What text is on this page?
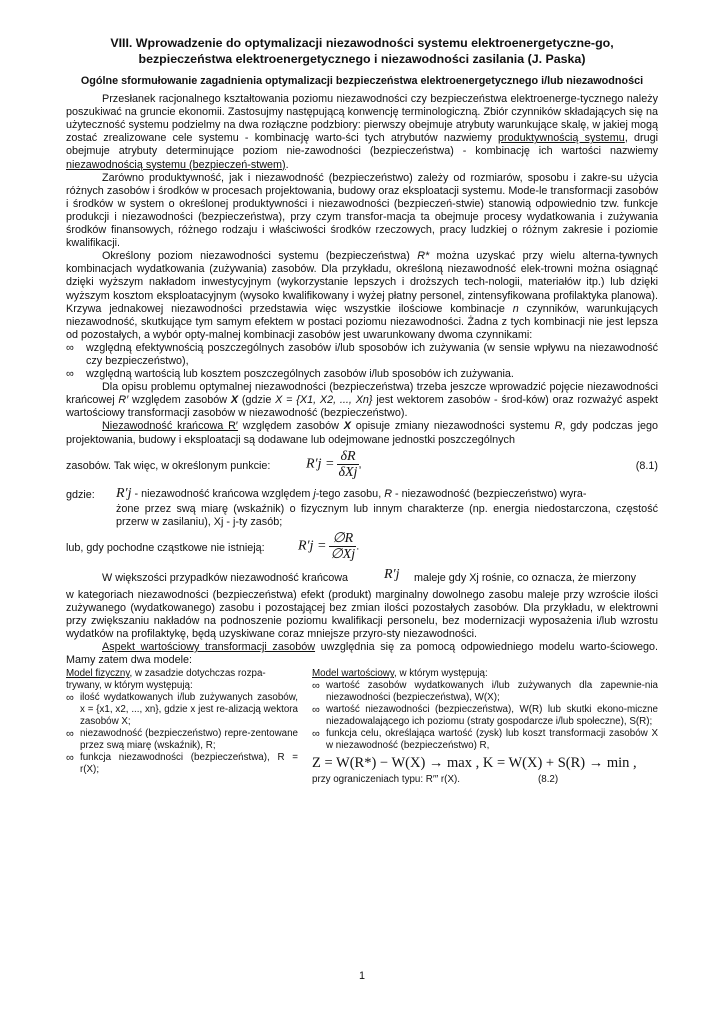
VIII. Wprowadzenie do optymalizacji niezawodności systemu elektroenergetyczne-go, bezpieczeństwa elektroenergetycznego i niezawodności zasilania (J. Paska)
Ogólne sformułowanie zagadnienia optymalizacji bezpieczeństwa elektroenergetycznego i/lub niezawodności

Przesłanek racjonalnego kształtowania poziomu niezawodności czy bezpieczeństwa elektroenerge-tycznego należy poszukiwać na gruncie ekonomii. Zastosujmy następującą konwencję terminologiczną. Zbiór czynników składających się na użyteczność systemu podzielmy na dwa rozłączne podzbiory: pierwszy obejmuje atrybuty warunkujące skalę, w jakiej mogą zostać zrealizowane cele systemu - kombinację warto-ści tych atrybutów nazwiemy produktywnością systemu, drugi obejmuje atrybuty determinujące poziom nie-zawodności (bezpieczeństwa) - kombinację ich wartości nazwiemy niezawodnością systemu (bezpieczeń-stwem).

Zarówno produktywność, jak i niezawodność (bezpieczeństwo) zależy od rozmiarów, sposobu i zakre-su użycia różnych zasobów i środków w procesach projektowania, budowy oraz eksploatacji systemu. Mode-le transformacji zasobów i środków w system o określonej produktywności i niezawodności (bezpieczeń-stwie) stanowią odpowiednio tzw. funkcje produkcji i niezawodności (bezpieczeństwa), przy czym transfor-macja ta obejmuje procesy wydatkowania i zużywania środków finansowych, różnego rodzaju i właściwości środków rzeczowych, pracy ludzkiej o różnym zakresie i poziomie kwalifikacji.

Określony poziom niezawodności systemu (bezpieczeństwa) R* można uzyskać przy wielu alterna-tywnych kombinacjach wydatkowania (zużywania) zasobów. Dla przykładu, określoną niezawodność elek-trowni można osiągnąć dzięki wyższym nakładom inwestycyjnym (wykorzystanie lepszych i droższych tech-nologii, materiałów itp.) lub dzięki wyższym kosztom eksploatacyjnym (wysoko kwalifikowany i wyżej płatny personel, zintensyfikowana profilaktyka planowa). Krzywa jednakowej niezawodności przedstawia więc wszystkie ilościowe kombinacje n czynników, warunkujących niezawodność, skutkujące tym samym efektem w postaci poziomu niezawodności. Żadna z tych kombinacji nie jest lepsza od pozostałych, a wybór opty-malnej kombinacji zasobów jest uwarunkowany dwoma czynnikami:

∞ względną efektywnością poszczególnych zasobów i/lub sposobów ich zużywania (w sensie wpływu na niezawodność czy bezpieczeństwo),
∞ względną wartością lub kosztem poszczególnych zasobów i/lub sposobów ich zużywania.

Dla opisu problemu optymalnej niezawodności (bezpieczeństwa) trzeba jeszcze wprowadzić pojęcie niezawodności krańcowej R′ względem zasobów X (gdzie X = {X1, X2, ..., Xn} jest wektorem zasobów - środ-ków) oraz rozważyć aspekt wartościowy transformacji zasobów w niezawodność (bezpieczeństwo).

Niezawodność krańcowa R′ względem zasobów X opisuje zmiany niezawodności systemu R, gdy podczas jego projektowania, budowy i eksploatacji są dodawane lub odejmowane jednostki poszczególnych

zasobów. Tak więc, w określonym punkcie:	$R'j = \frac{\delta R}{\text{δXj}}$ ,	(8.1)
gdzie: R′j - niezawodność krańcowa względem j-tego zasobu, R - niezawodność (bezpieczeństwo) wyra-

żone przez swą miarę (wskaźnik) o fizycznym lub innym charakterze (np. energia niedostarczona, częstość przerw w zasilaniu), Xj - j-ty zasób;

lub, gdy pochodne cząstkowe nie istnieją: $R'j = \frac{\emptyset R}{\emptyset Xj}$ .
W większości przypadków niezawodność krańcowa	R′j maleje gdy Xj rośnie, co oznacza, że mierzony

w kategoriach niezawodności (bezpieczeństwa) efekt (produkt) marginalny dowolnego zasobu maleje przy wzroście ilości zużywanego (wydatkowanego) zasobu i pozostającej bez zmian ilości pozostałych zasobów. Dla przykładu, w elektrowni przy zwiększaniu nakładów na podnoszenie poziomu kwalifikacji personelu, bez modernizacji wyposażenia i/lub wzrostu wydatków na profilaktykę, będą uzyskiwane coraz mniejsze przyro-sty niezawodności.

Aspekt wartościowy transformacji zasobów uwzględnia się za pomocą odpowiedniego modelu warto-ściowego. Mamy zatem dwa modele:

Model fizyczny, w zasadzie dotychczas rozpa-trywany, w którym występują:

∞ ilość wydatkowanych i/lub zużywanych zasobów, x = {x1, x2, ..., xn}, gdzie x jest re-alizacją wektora zasobów X;
∞ niezawodność (bezpieczeństwo) repre-zentowane przez swą miarę (wskaźnik), R;
∞ funkcja niezawodności (bezpieczeństwa), R = r(X);

Model wartościowy, w którym występują:

∞ wartość zasobów wydatkowanych i/lub zużywanych dla zapewnie-nia niezawodności (bezpieczeństwa), W(X);
∞ wartość niezawodności (bezpieczeństwa), W(R) lub skutki ekono-miczne niezadowalającego ich poziomu (straty gospodarcze i/lub społeczne), S(R);
∞ funkcja celu, określająca wartość (zysk) lub koszt transformacji zasobów X w niezawodność (bezpieczeństwo) R,
Z = W(R*) − W(X) → max , K = W(X) + S(R) → min ,
przy ograniczeniach typu: R′″ r(X).	(8.2)
1
